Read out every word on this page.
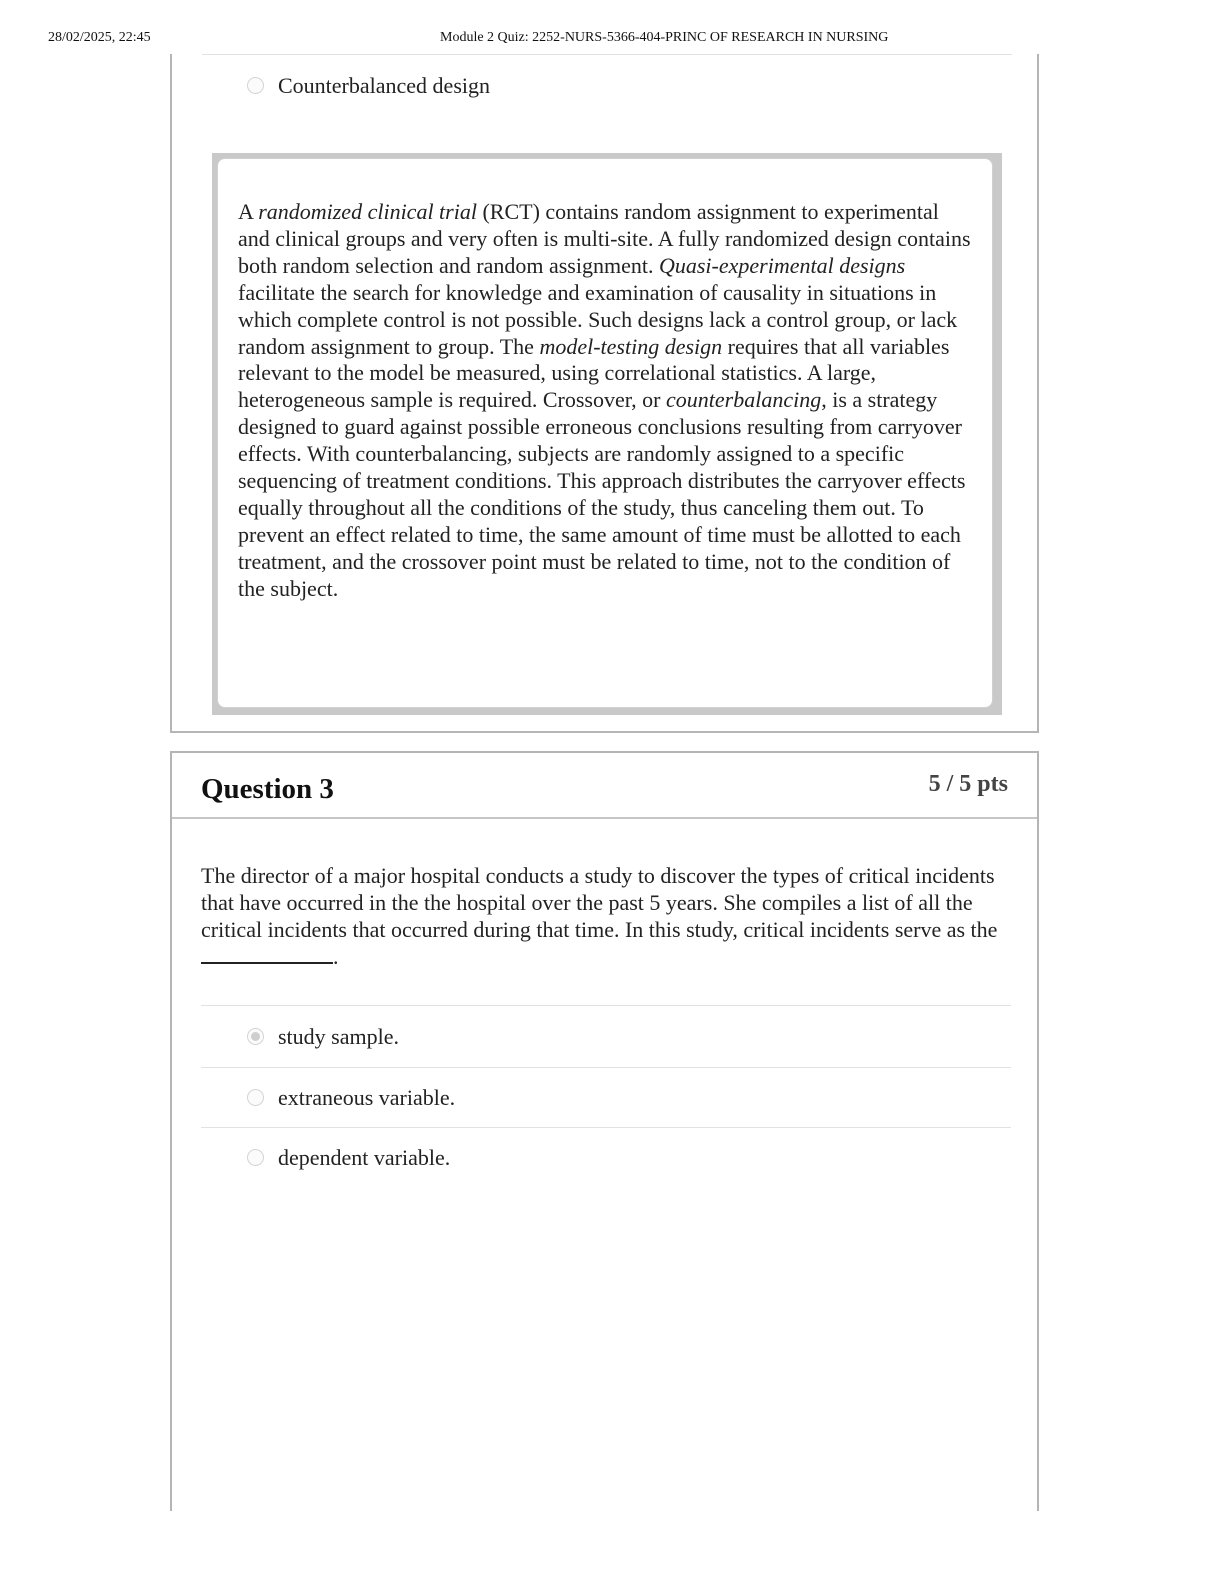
28/02/2025, 22:45	Module 2 Quiz: 2252-NURS-5366-404-PRINC OF RESEARCH IN NURSING
Counterbalanced design
A randomized clinical trial (RCT) contains random assignment to experimental and clinical groups and very often is multi-site. A fully randomized design contains both random selection and random assignment. Quasi-experimental designs facilitate the search for knowledge and examination of causality in situations in which complete control is not possible. Such designs lack a control group, or lack random assignment to group. The model-testing design requires that all variables relevant to the model be measured, using correlational statistics. A large, heterogeneous sample is required. Crossover, or counterbalancing, is a strategy designed to guard against possible erroneous conclusions resulting from carryover effects. With counterbalancing, subjects are randomly assigned to a specific sequencing of treatment conditions. This approach distributes the carryover effects equally throughout all the conditions of the study, thus canceling them out. To prevent an effect related to time, the same amount of time must be allotted to each treatment, and the crossover point must be related to time, not to the condition of the subject.
Question 3	5 / 5 pts
The director of a major hospital conducts a study to discover the types of critical incidents that have occurred in the the hospital over the past 5 years. She compiles a list of all the critical incidents that occurred during that time. In this study, critical incidents serve as the.
study sample.
extraneous variable.
dependent variable.
